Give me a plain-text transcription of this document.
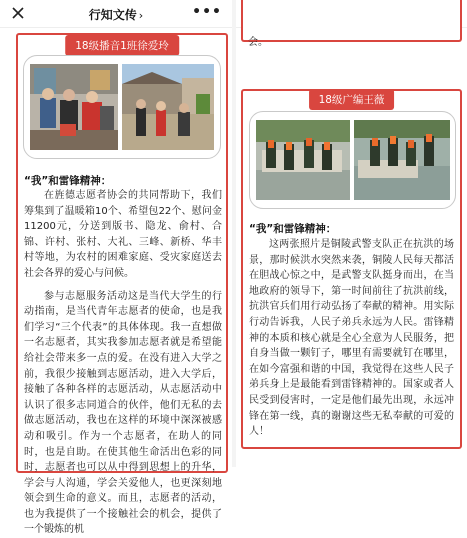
行知文传 ›	•••
18级播音1班徐爱玲
“我”和雷锋精神：

在旌德志愿者协会的共同帮助下，我们筹集到了温暖箱10个、希望包22个、慰问金11200元，分送到版书、隐龙、俞村、合锦、许村、张村、大礼、三峰、新桥、华丰村等地，为农村的困难家庭、受灾家庭送去社会各界的爱心与问候。

参与志愿服务活动这是当代大学生的行动指南，是当代青年志愿者的使命，也是我们学习“三个代表”的具体体现。我一直想做一名志愿者，其实我参加志愿者就是希望能给社会带来多一点的爱。在没有进入大学之前，我很少接触到志愿活动，进入大学后，接触了各种各样的志愿活动，从志愿活动中认识了很多志同道合的伙伴，他们无私的去做志愿活动，我也在这样的环境中深深被感动和吸引。作为一个志愿者，在助人的同时，也是自助。在使其他生命活出色彩的同时，志愿者也可以从中得到思想上的升华，学会与人沟通，学会关爱他人，也更深刻地领会到生命的意义。而且，志愿者的活动，也为我提供了一个接触社会的机会，提供了一个锻炼的机

会。
18级广编王薇
“我”和雷锋精神：

这两张照片是铜陵武警支队正在抗洪的场景，那时候洪水突然来袭，铜陵人民每天都活在胆战心惊之中，是武警支队挺身而出，在当地政府的领导下，第一时间前往了抗洪前线，抗洪官兵们用行动弘扬了奉献的精神。用实际行动告诉我，人民子弟兵永远为人民。雷锋精神的本质和核心就是全心全意为人民服务，把自身当做一颗钉子，哪里有需要就钉在哪里，在如今富强和谐的中国，我觉得在这些人民子弟兵身上是最能看到雷锋精神的。国家或者人民受到侵害时，一定是他们最先出现，永远冲锋在第一线，真的谢谢这些无私奉献的可爱的人！
